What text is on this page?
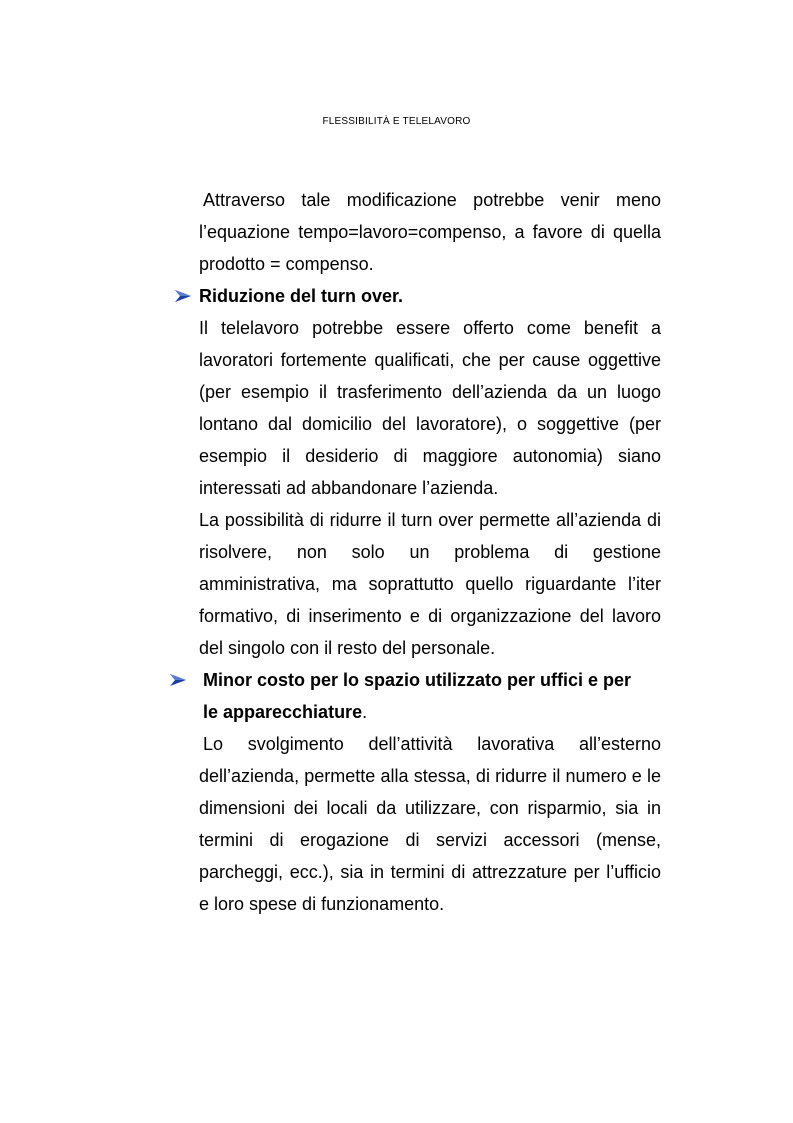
FLESSIBILITÀ E TELELAVORO

Attraverso tale modificazione potrebbe venir meno l’equazione tempo=lavoro=compenso, a favore di quella prodotto = compenso.

Riduzione del turn over.

Il telelavoro potrebbe essere offerto come benefit a lavoratori fortemente qualificati, che per cause oggettive (per esempio il trasferimento dell’azienda da un luogo lontano dal domicilio del lavoratore), o soggettive (per esempio il desiderio di maggiore autonomia) siano interessati ad abbandonare l’azienda.

La possibilità di ridurre il turn over permette all’azienda di risolvere, non solo un problema di gestione amministrativa, ma soprattutto quello riguardante l’iter formativo, di inserimento e di organizzazione del lavoro del singolo con il resto del personale.

Minor costo per lo spazio utilizzato per uffici e per
le apparecchiature.

Lo svolgimento dell’attività lavorativa all’esterno dell’azienda, permette alla stessa, di ridurre il numero e le dimensioni dei locali da utilizzare, con risparmio, sia in termini di erogazione di servizi accessori (mense, parcheggi, ecc.), sia in termini di attrezzature per l’ufficio e loro spese di funzionamento.
